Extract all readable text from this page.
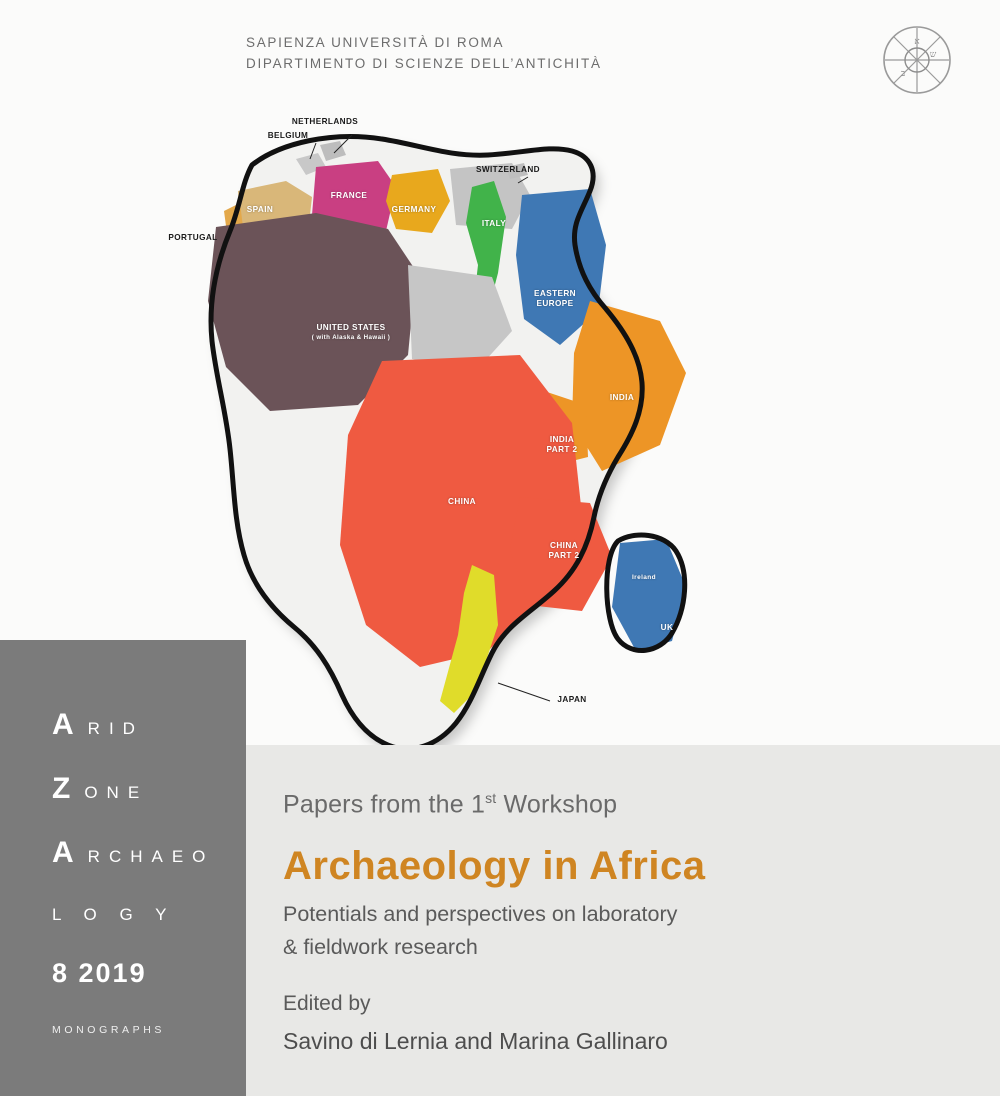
SAPIENZA UNIVERSITÀ DI ROMA
DIPARTIMENTO DI SCIENZE DELL’ANTICHITÀ
א
ש
ב
NETHERLANDS
BELGIUM
SWITZERLAND
PORTUGAL
SPAIN
FRANCE
GERMANY
ITALY
EASTERN EUROPE
UNITED STATES
( with Alaska & Hawaii )
INDIA
INDIA PART 2
CHINA
CHINA PART 2
Ireland
UK
JAPAN
ARID
ZONE
ARCHAEO
L O G Y
8 2019
MONOGRAPHS
Papers from the 1st Workshop
Archaeology in Africa
Potentials and perspectives on laboratory
& fieldwork research
Edited by
Savino di Lernia and Marina Gallinaro
